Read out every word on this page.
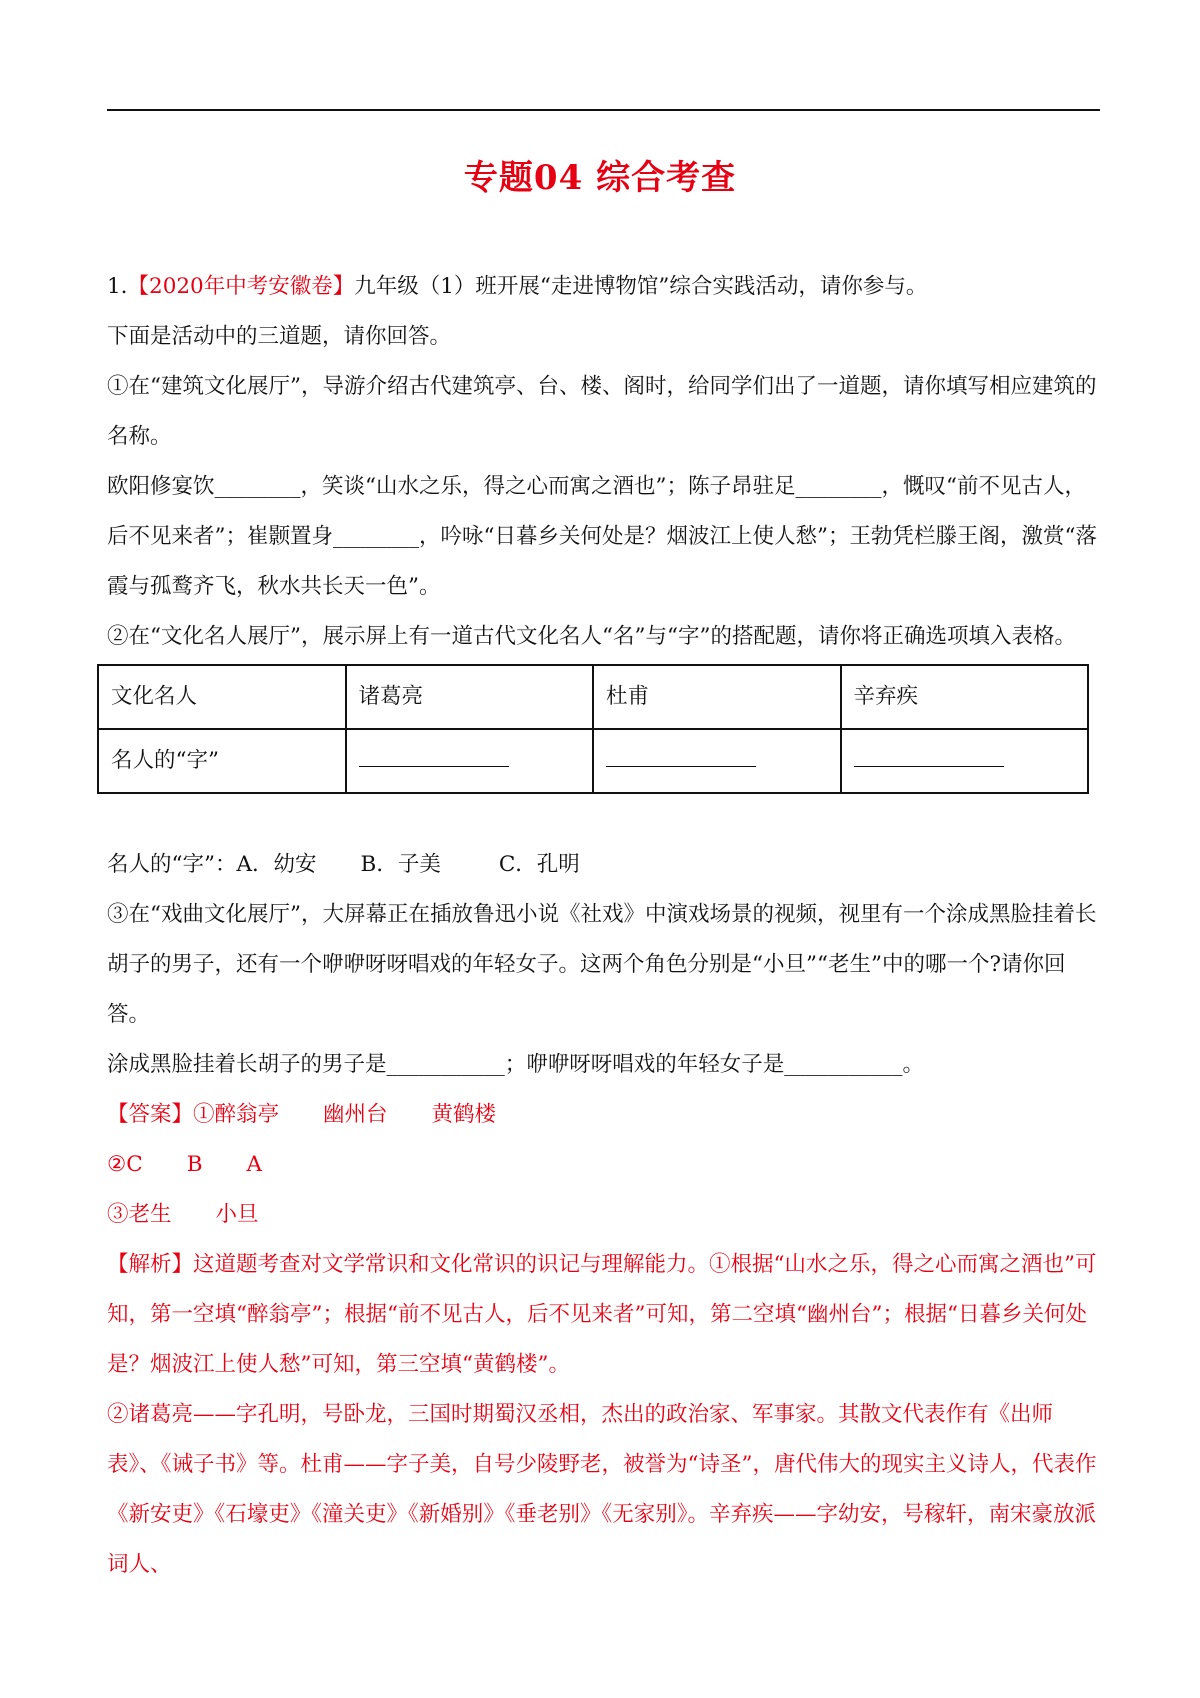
专题04 综合考查

1.【2020年中考安徽卷】九年级（1）班开展“走进博物馆”综合实践活动，请你参与。

下面是活动中的三道题，请你回答。

①在“建筑文化展厅”，导游介绍古代建筑亭、台、楼、阁时，给同学们出了一道题，请你填写相应建筑的名称。

欧阳修宴饮________，笑谈“山水之乐，得之心而寓之酒也”；陈子昂驻足________，慨叹“前不见古人，后不见来者”；崔颢置身________，吟咏“日暮乡关何处是？烟波江上使人愁”；王勃凭栏滕王阁，激赏“落霞与孤鹜齐飞，秋水共长天一色”。

②在“文化名人展厅”，展示屏上有一道古代文化名人“名”与“字”的搭配题，请你将正确选项填入表格。

文化名人	诸葛亮	杜甫	辛弃疾
名人的“字”			

名人的“字”：A．幼安 B．子美	C．孔明

③在“戏曲文化展厅”，大屏幕正在插放鲁迅小说《社戏》中演戏场景的视频，视里有一个涂成黑脸挂着长胡子的男子，还有一个咿咿呀呀唱戏的年轻女子。这两个角色分别是“小旦”“老生”中的哪一个?请你回答。

涂成黑脸挂着长胡子的男子是___________；咿咿呀呀唱戏的年轻女子是___________。

【答案】①醉翁亭 幽州台 黄鹤楼

②C B A

③老生 小旦

【解析】这道题考查对文学常识和文化常识的识记与理解能力。①根据“山水之乐，得之心而寓之酒也”可知，第一空填“醉翁亭”；根据“前不见古人，后不见来者”可知，第二空填“幽州台”；根据“日暮乡关何处是？烟波江上使人愁”可知，第三空填“黄鹤楼”。

②诸葛亮——字孔明，号卧龙，三国时期蜀汉丞相，杰出的政治家、军事家。其散文代表作有《出师表》、《诫子书》等。杜甫——字子美，自号少陵野老，被誉为“诗圣”，唐代伟大的现实主义诗人，代表作《新安吏》《石壕吏》《潼关吏》《新婚别》《垂老别》《无家别》。辛弃疾——字幼安，号稼轩，南宋豪放派词人、
